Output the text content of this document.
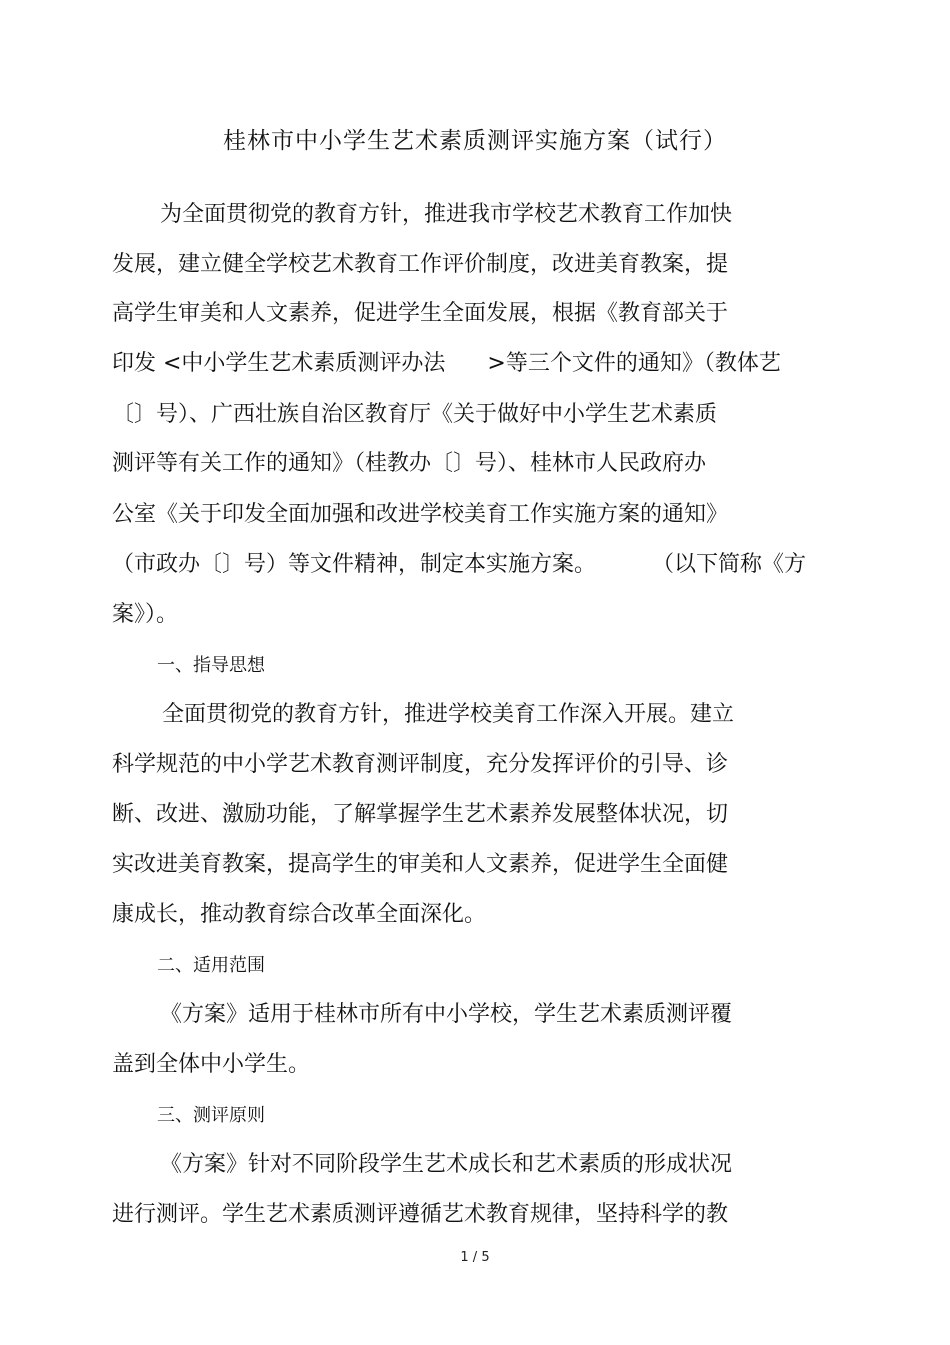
桂林市中小学生艺术素质测评实施方案（试行）
为全面贯彻党的教育方针，推进我市学校艺术教育工作加快
发展，建立健全学校艺术教育工作评价制度，改进美育教案，提
高学生审美和人文素养，促进学生全面发展，根据《教育部关于
印发 <中小学生艺术素质测评办法      >等三个文件的通知》（教体艺
〔〕号）、广西壮族自治区教育厅《关于做好中小学生艺术素质
测评等有关工作的通知》（桂教办〔〕号）、桂林市人民政府办
公室《关于印发全面加强和改进学校美育工作实施方案的通知》
（市政办〔〕号）等文件精神，制定本实施方案。        （以下简称《方
案》）。
一、指导思想
全面贯彻党的教育方针，推进学校美育工作深入开展。建立
科学规范的中小学艺术教育测评制度，充分发挥评价的引导、诊
断、改进、激励功能，了解掌握学生艺术素养发展整体状况，切
实改进美育教案，提高学生的审美和人文素养，促进学生全面健
康成长，推动教育综合改革全面深化。
二、适用范围
《方案》适用于桂林市所有中小学校，学生艺术素质测评覆
盖到全体中小学生。
三、测评原则
《方案》针对不同阶段学生艺术成长和艺术素质的形成状况
进行测评。学生艺术素质测评遵循艺术教育规律，坚持科学的教
1 / 5
